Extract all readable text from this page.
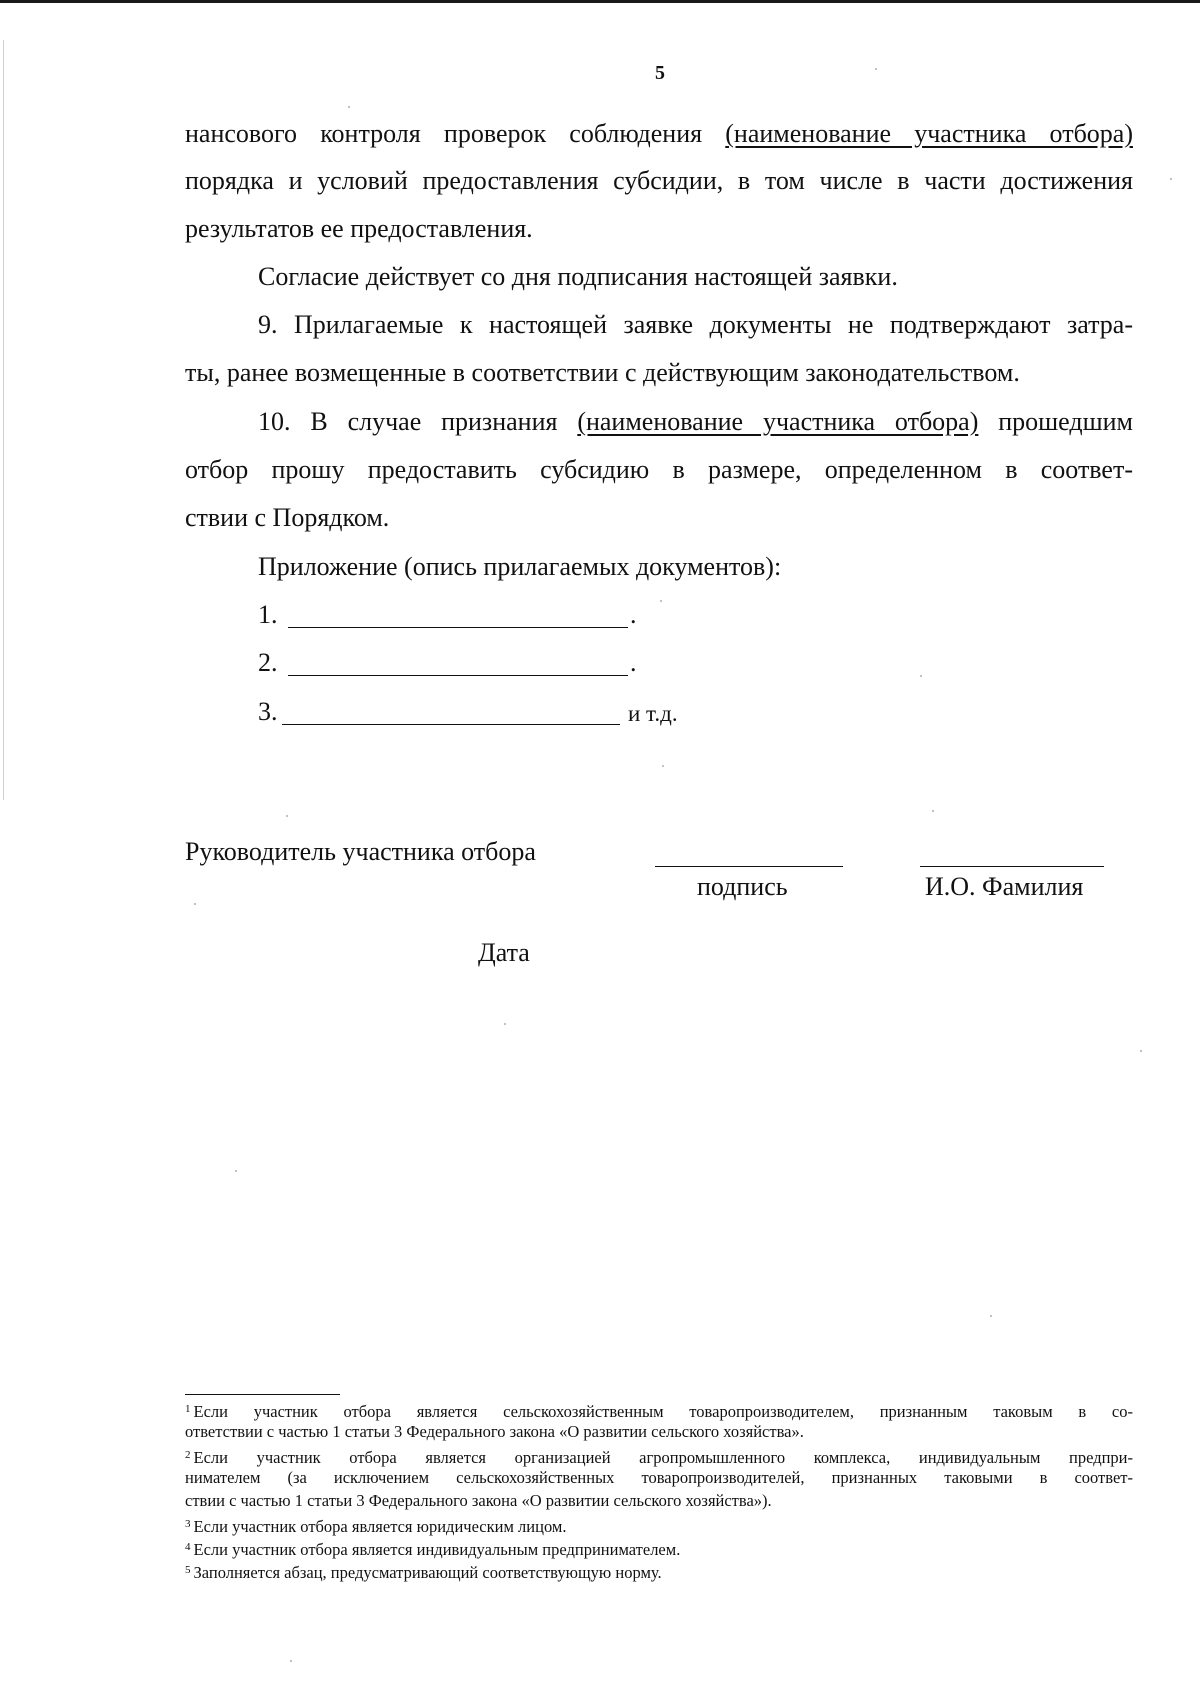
5
нансового контроля проверок соблюдения (наименование участника отбора)
порядка и условий предоставления субсидии, в том числе в части достижения
результатов ее предоставления.
Согласие действует со дня подписания настоящей заявки.
9. Прилагаемые к настоящей заявке документы не подтверждают затра-
ты, ранее возмещенные в соответствии с действующим законодательством.
10. В случае признания (наименование участника отбора) прошедшим
отбор прошу предоставить субсидию в размере, определенном в соответ-
ствии с Порядком.
Приложение (опись прилагаемых документов):
1.	.
2.	.
3.	и т.д.
Руководитель участника отбора
подпись	И.О. Фамилия
Дата
$^1$ Если участник отбора является сельскохозяйственным товаропроизводителем, признанным таковым в со-
ответствии с частью 1 статьи 3 Федерального закона «О развитии сельского хозяйства».
$^2$ Если участник отбора является организацией агропромышленного комплекса, индивидуальным предпри-
нимателем (за исключением сельскохозяйственных товаропроизводителей, признанных таковыми в соответ-
ствии с частью 1 статьи 3 Федерального закона «О развитии сельского хозяйства»).
$^3$ Если участник отбора является юридическим лицом.
$^4$ Если участник отбора является индивидуальным предпринимателем.
$^5$ Заполняется абзац, предусматривающий соответствующую норму.
